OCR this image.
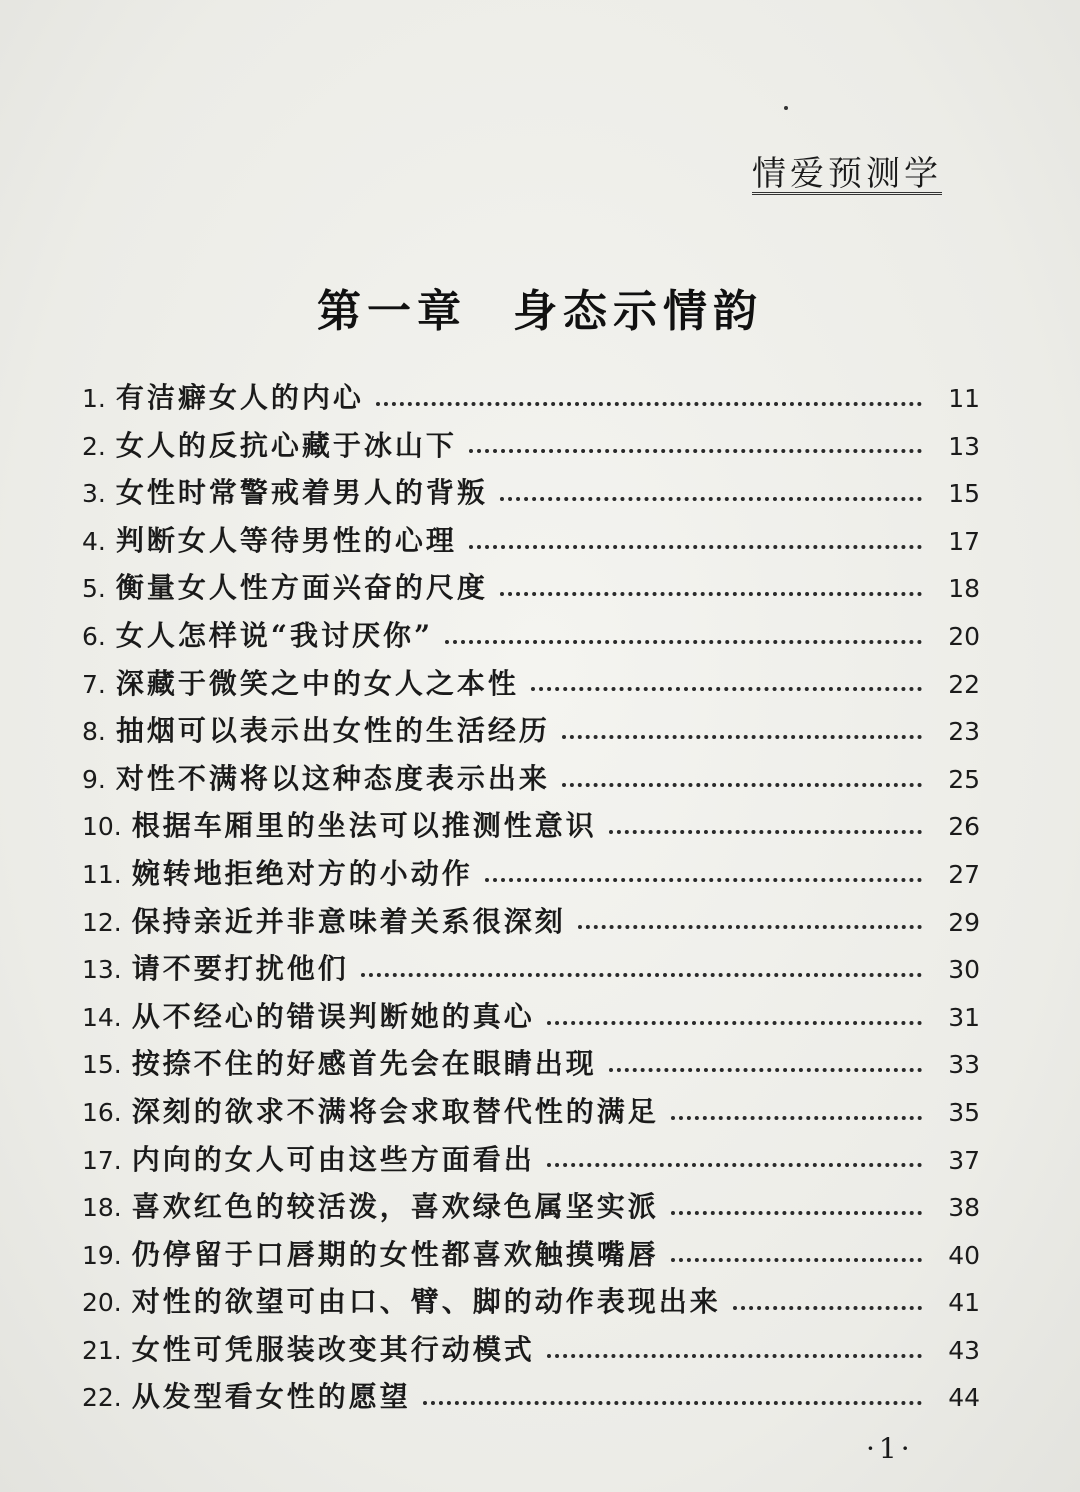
情爱预测学
第一章 身态示情韵
1. 有洁癖女人的内心	11
2. 女人的反抗心藏于冰山下	13
3. 女性时常警戒着男人的背叛	15
4. 判断女人等待男性的心理	17
5. 衡量女人性方面兴奋的尺度	18
6. 女人怎样说“我讨厌你”	20
7. 深藏于微笑之中的女人之本性	22
8. 抽烟可以表示出女性的生活经历	23
9. 对性不满将以这种态度表示出来	25
10. 根据车厢里的坐法可以推测性意识	26
11. 婉转地拒绝对方的小动作	27
12. 保持亲近并非意味着关系很深刻	29
13. 请不要打扰他们	30
14. 从不经心的错误判断她的真心	31
15. 按捺不住的好感首先会在眼睛出现	33
16. 深刻的欲求不满将会求取替代性的满足	35
17. 内向的女人可由这些方面看出	37
18. 喜欢红色的较活泼，喜欢绿色属坚实派	38
19. 仍停留于口唇期的女性都喜欢触摸嘴唇	40
20. 对性的欲望可由口、臂、脚的动作表现出来	41
21. 女性可凭服装改变其行动模式	43
22. 从发型看女性的愿望	44
·1·
